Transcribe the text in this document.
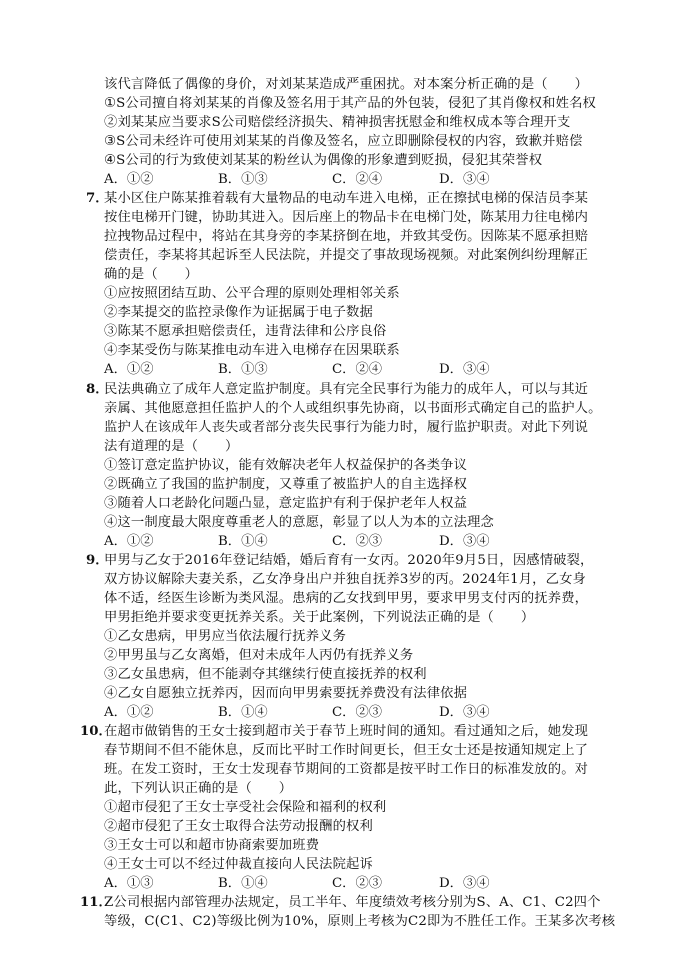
该代言降低了偶像的身价，对刘某某造成严重困扰。对本案分析正确的是（　　）
①S公司擅自将刘某某的肖像及签名用于其产品的外包装，侵犯了其肖像权和姓名权
②刘某某应当要求S公司赔偿经济损失、精神损害抚慰金和维权成本等合理开支
③S公司未经许可使用刘某某的肖像及签名，应立即删除侵权的内容，致歉并赔偿
④S公司的行为致使刘某某的粉丝认为偶像的形象遭到贬损，侵犯其荣誉权
A．①②	B．①③	C．②④	D．③④
7．
某小区住户陈某推着载有大量物品的电动车进入电梯，正在擦拭电梯的保洁员李某
按住电梯开门键，协助其进入。因后座上的物品卡在电梯门处，陈某用力往电梯内
拉拽物品过程中，将站在其身旁的李某挤倒在地，并致其受伤。因陈某不愿承担赔
偿责任，李某将其起诉至人民法院，并提交了事故现场视频。对此案例纠纷理解正
确的是（　　）
①应按照团结互助、公平合理的原则处理相邻关系
②李某提交的监控录像作为证据属于电子数据
③陈某不愿承担赔偿责任，违背法律和公序良俗
④李某受伤与陈某推电动车进入电梯存在因果联系
A．①②	B．①③	C．②④	D．③④
8．
民法典确立了成年人意定监护制度。具有完全民事行为能力的成年人，可以与其近
亲属、其他愿意担任监护人的个人或组织事先协商，以书面形式确定自己的监护人。
监护人在该成年人丧失或者部分丧失民事行为能力时，履行监护职责。对此下列说
法有道理的是（　　）
①签订意定监护协议，能有效解决老年人权益保护的各类争议
②既确立了我国的监护制度，又尊重了被监护人的自主选择权
③随着人口老龄化问题凸显，意定监护有利于保护老年人权益
④这一制度最大限度尊重老人的意愿，彰显了以人为本的立法理念
A．①②	B．①④	C．②③	D．③④
9．
甲男与乙女于2016年登记结婚，婚后育有一女丙。2020年9月5日，因感情破裂，
双方协议解除夫妻关系，乙女净身出户并独自抚养3岁的丙。2024年1月，乙女身
体不适，经医生诊断为类风湿。患病的乙女找到甲男，要求甲男支付丙的抚养费，
甲男拒绝并要求变更抚养关系。关于此案例，下列说法正确的是（　　）
①乙女患病，甲男应当依法履行抚养义务
②甲男虽与乙女离婚，但对未成年人丙仍有抚养义务
③乙女虽患病，但不能剥夺其继续行使直接抚养的权利
④乙女自愿独立抚养丙，因而向甲男索要抚养费没有法律依据
A．①②	B．①④	C．②③	D．③④
10．
在超市做销售的王女士接到超市关于春节上班时间的通知。看过通知之后，她发现
春节期间不但不能休息，反而比平时工作时间更长，但王女士还是按通知规定上了
班。在发工资时，王女士发现春节期间的工资都是按平时工作日的标准发放的。对
此，下列认识正确的是（　　）
①超市侵犯了王女士享受社会保险和福利的权利
②超市侵犯了王女士取得合法劳动报酬的权利
③王女士可以和超市协商索要加班费
④王女士可以不经过仲裁直接向人民法院起诉
A．①③	B．①④	C．②③	D．③④
11．
Z公司根据内部管理办法规定，员工半年、年度绩效考核分别为S、A、C1、C2四个
等级，C(C1、C2)等级比例为10%，原则上考核为C2即为不胜任工作。王某多次考核
